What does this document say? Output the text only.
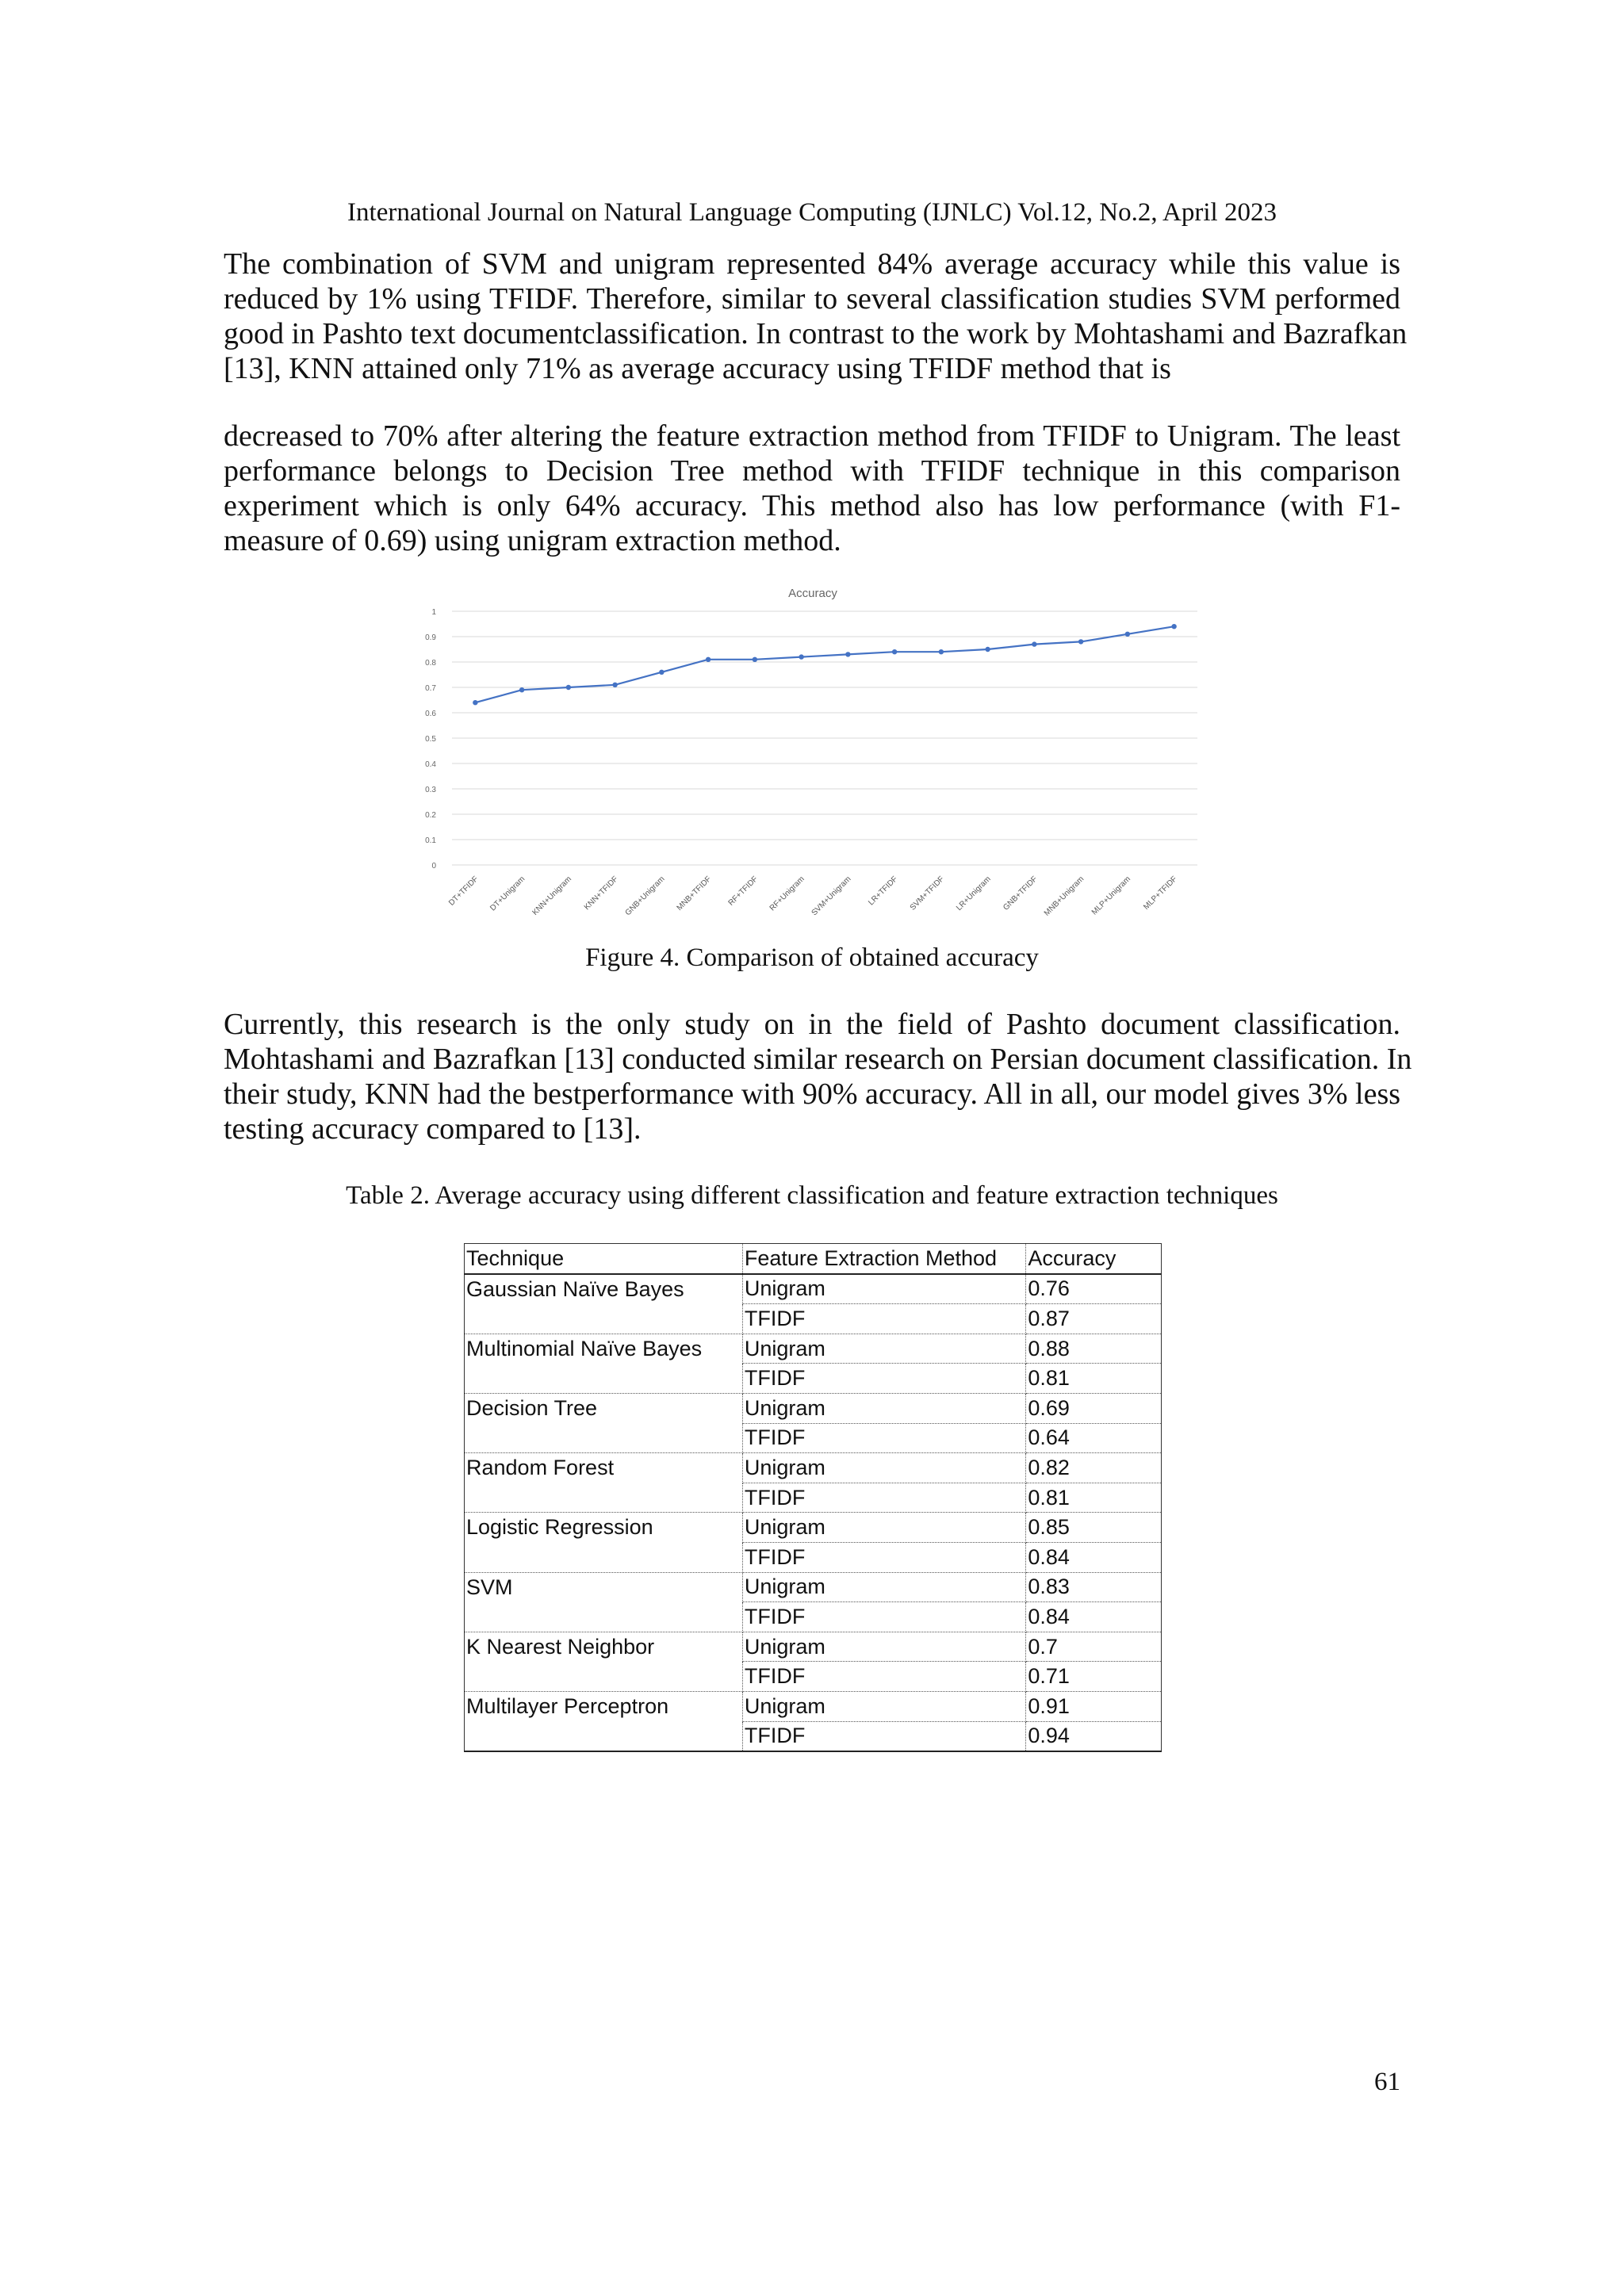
International Journal on Natural Language Computing (IJNLC) Vol.12, No.2, April 2023
The combination of SVM and unigram represented 84% average accuracy while this value is
reduced by 1% using TFIDF. Therefore, similar to several classification studies SVM performed
good in Pashto text documentclassification. In contrast to the work by Mohtashami and Bazrafkan
[13], KNN attained only 71% as average accuracy using TFIDF method that is
decreased to 70% after altering the feature extraction method from TFIDF to Unigram. The least
performance belongs to Decision Tree method with TFIDF technique in this comparison
experiment which is only 64% accuracy. This method also has low performance (with F1-
measure of 0.69) using unigram extraction method.
Accuracy
0
0.1
0.2
0.3
0.4
0.5
0.6
0.7
0.8
0.9
1
DT+TFIDF DT+Unigram KNN+Unigram KNN+TFIDF GNB+Unigram MNB+TFIDF RF+TFIDF RF+Unigram SVM+Unigram LR+TFIDF SVM+TFIDF LR+Unigram GNB+TFIDF MNB+Unigram MLP+Unigram MLP+TFIDF
Figure 4. Comparison of obtained accuracy
Currently, this research is the only study on in the field of Pashto document classification.
Mohtashami and Bazrafkan [13] conducted similar research on Persian document classification. In
their study, KNN had the bestperformance with 90% accuracy. All in all, our model gives 3% less
testing accuracy compared to [13].
Table 2. Average accuracy using different classification and feature extraction techniques
Technique	Feature Extraction Method	Accuracy
Gaussian Naïve Bayes	Unigram	0.76
	TFIDF	0.87
Multinomial Naïve Bayes	Unigram	0.88
	TFIDF	0.81
Decision Tree	Unigram	0.69
	TFIDF	0.64
Random Forest	Unigram	0.82
	TFIDF	0.81
Logistic Regression	Unigram	0.85
	TFIDF	0.84
SVM	Unigram	0.83
	TFIDF	0.84
K Nearest Neighbor	Unigram	0.7
	TFIDF	0.71
Multilayer Perceptron	Unigram	0.91
	TFIDF	0.94
61
